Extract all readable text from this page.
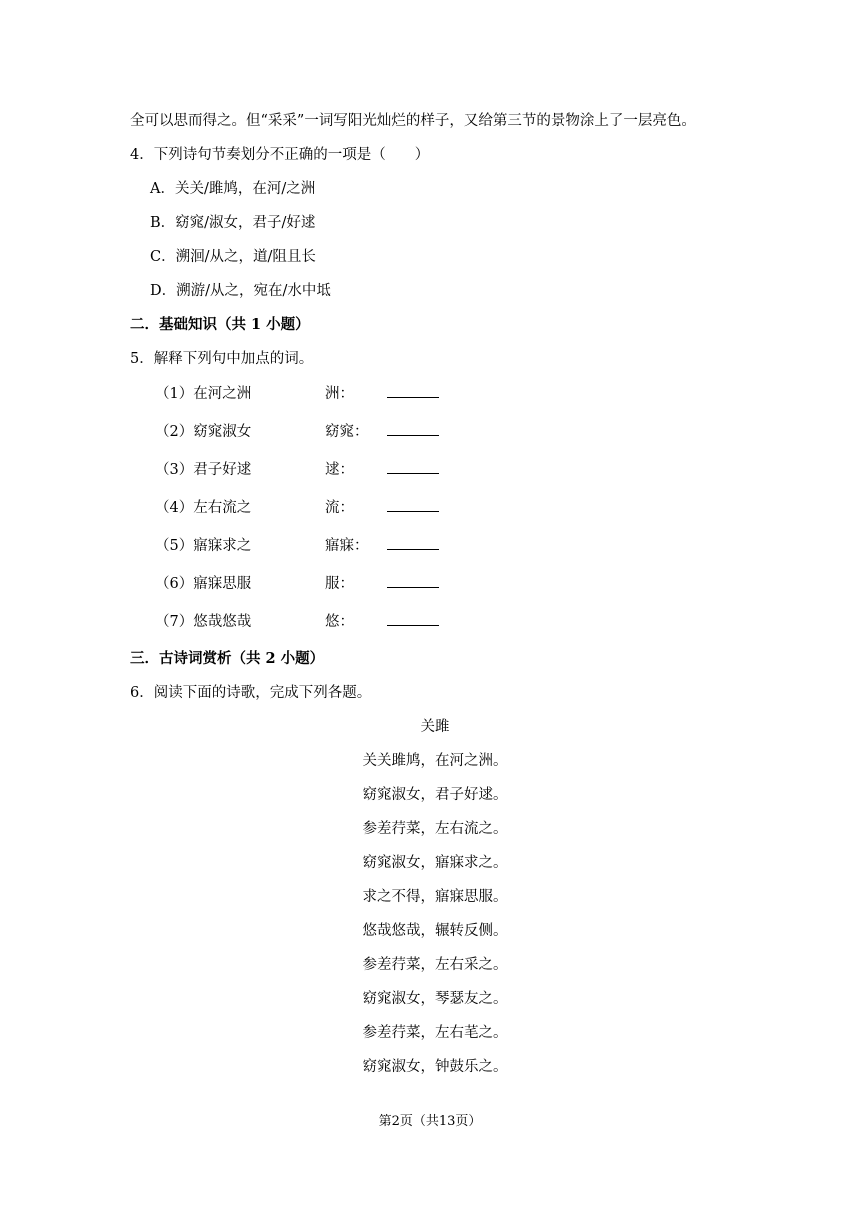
全可以思而得之。但“采采”一词写阳光灿烂的样子，又给第三节的景物涂上了一层亮色。
4．下列诗句节奏划分不正确的一项是（　　）
A．关关/雎鸠，在河/之洲
B．窈窕/淑女，君子/好逑
C．溯洄/从之，道/阻且长
D．溯游/从之，宛在/水中坻
二．基础知识（共 1 小题）
5．解释下列句中加点的词。
（1）在河之洲	洲：
（2）窈窕淑女	窈窕：
（3）君子好逑	逑：
（4）左右流之	流：
（5）寤寐求之	寤寐：
（6）寤寐思服	服：
（7）悠哉悠哉	悠：
三．古诗词赏析（共 2 小题）
6．阅读下面的诗歌，完成下列各题。
关雎
关关雎鸠，在河之洲。
窈窕淑女，君子好逑。
参差荇菜，左右流之。
窈窕淑女，寤寐求之。
求之不得，寤寐思服。
悠哉悠哉，辗转反侧。
参差荇菜，左右采之。
窈窕淑女，琴瑟友之。
参差荇菜，左右芼之。
窈窕淑女，钟鼓乐之。
第2页（共13页）
